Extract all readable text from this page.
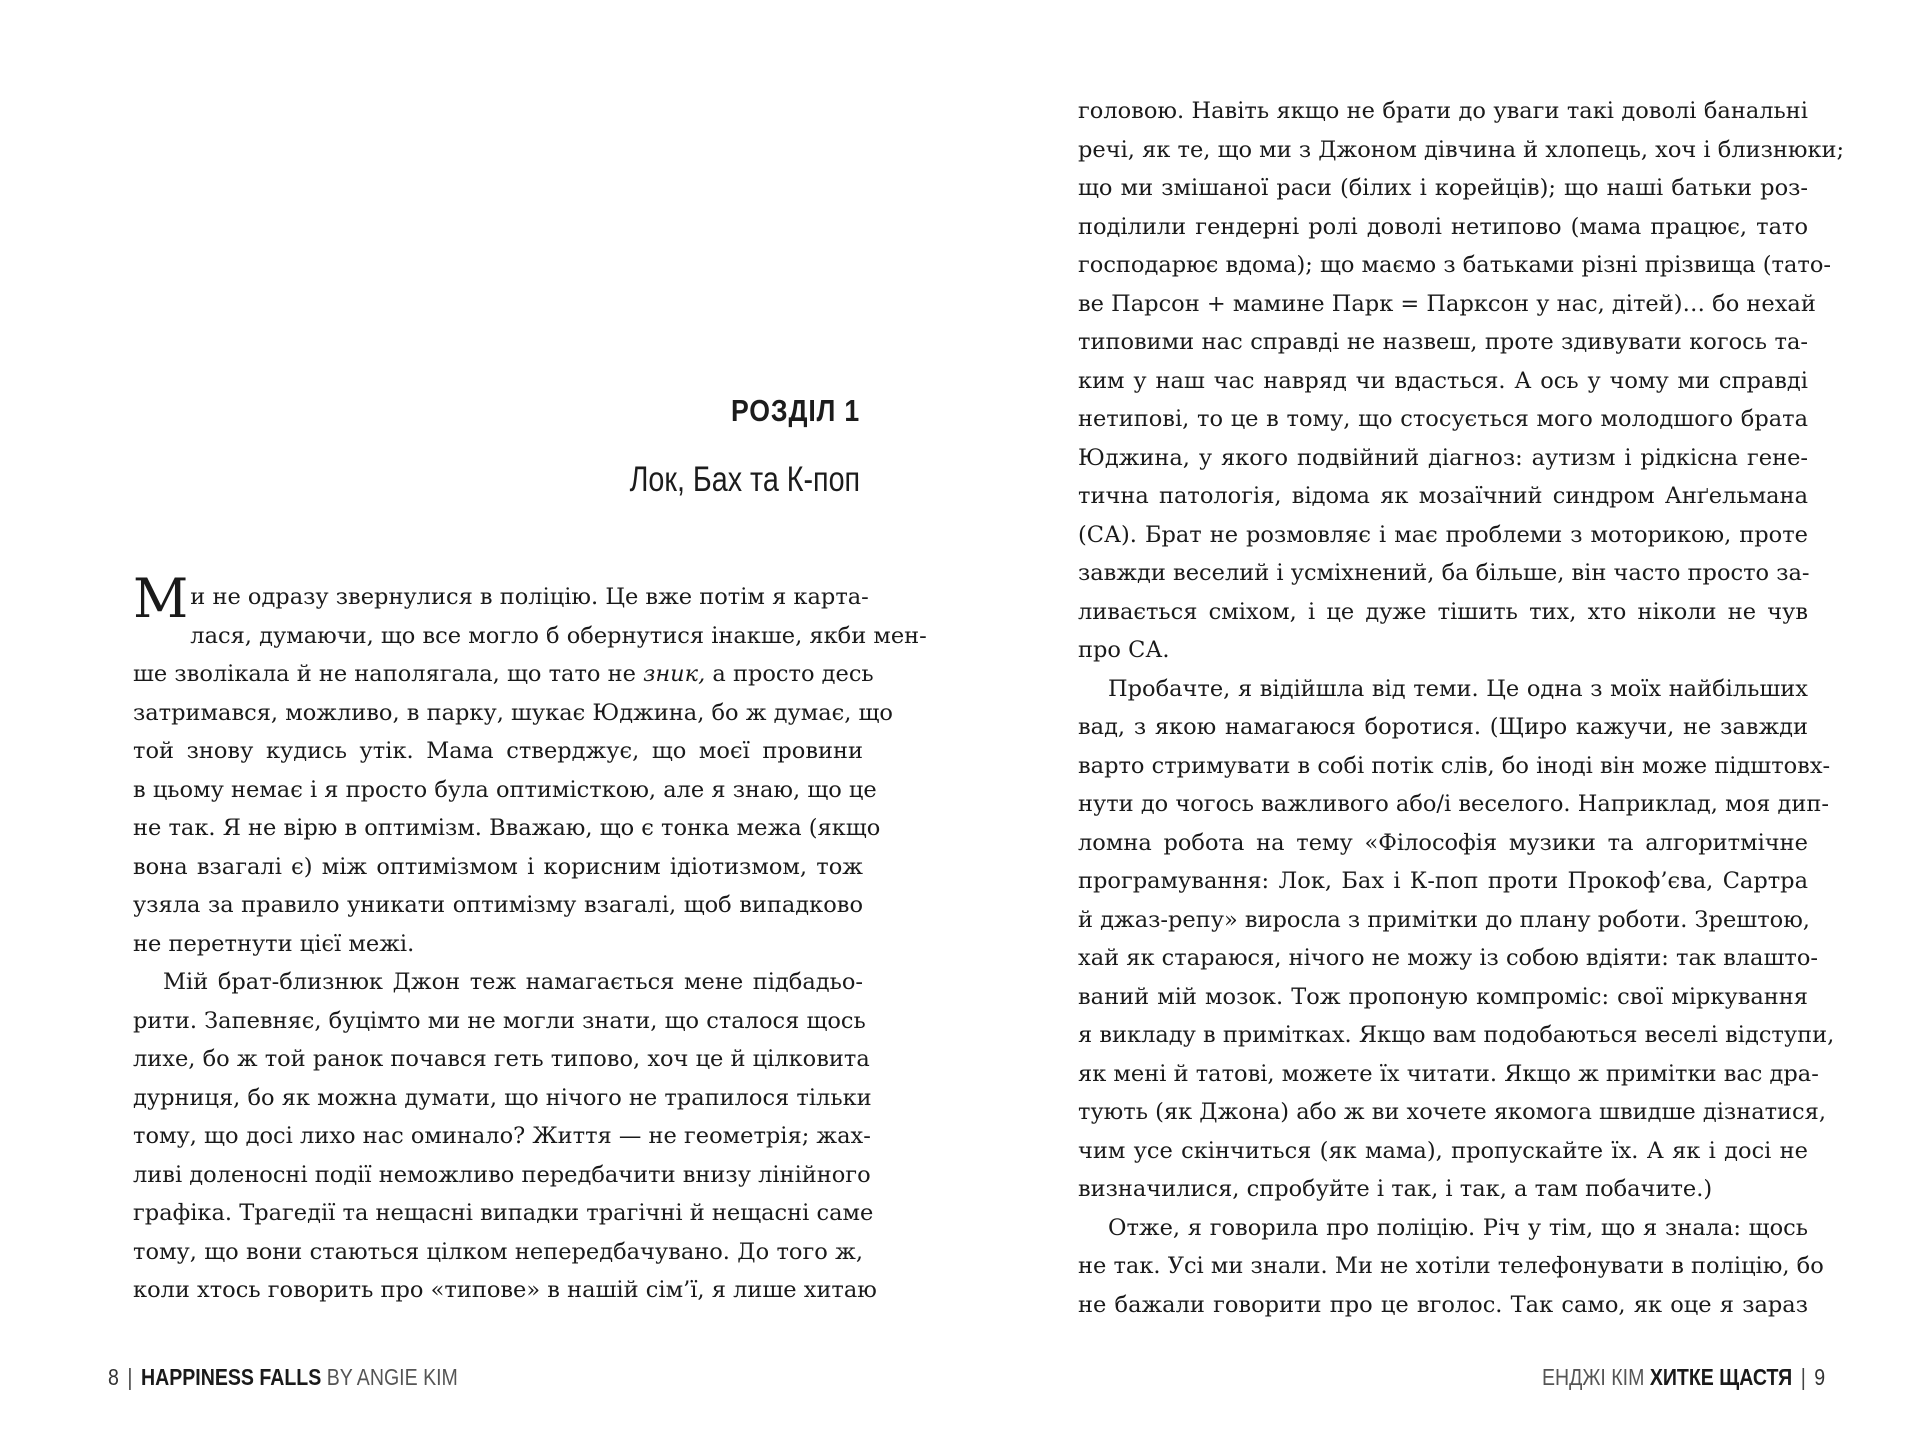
РОЗДІЛ 1
Лок, Бах та К-поп

Ми не одразу звернулися в поліцію. Це вже потім я карта-
лася, думаючи, що все могло б обернутися інакше, якби мен-
ше зволікала й не наполягала, що тато не зник, а просто десь
затримався, можливо, в парку, шукає Юджина, бо ж думає, що
той знову кудись утік. Мама стверджує, що моєї провини
в цьому немає і я просто була оптимісткою, але я знаю, що це
не так. Я не вірю в оптимізм. Вважаю, що є тонка межа (якщо
вона взагалі є) між оптимізмом і корисним ідіотизмом, тож
узяла за правило уникати оптимізму взагалі, щоб випадково
не перетнути цієї межі.

Мій брат-близнюк Джон теж намагається мене підбадьо-
рити. Запевняє, буцімто ми не могли знати, що сталося щось
лихе, бо ж той ранок почався геть типово, хоч це й цілковита
дурниця, бо як можна думати, що нічого не трапилося тільки
тому, що досі лихо нас оминало? Життя — не геометрія; жах-
ливі доленосні події неможливо передбачити внизу лінійного
графіка. Трагедії та нещасні випадки трагічні й нещасні саме
тому, що вони стаються цілком непередбачувано. До того ж,
коли хтось говорить про «типове» в нашій сім’ї, я лише хитаю

8 | HAPPINESS FALLS BY ANGIE KIM

головою. Навіть якщо не брати до уваги такі доволі банальні
речі, як те, що ми з Джоном дівчина й хлопець, хоч і близнюки;
що ми змішаної раси (білих і корейців); що наші батьки роз-
поділили гендерні ролі доволі нетипово (мама працює, тато
господарює вдома); що маємо з батьками різні прізвища (тато-
ве Парсон + мамине Парк = Парксон у нас, дітей)… бо нехай
типовими нас справді не назвеш, проте здивувати когось та-
ким у наш час навряд чи вдасться. А ось у чому ми справді
нетипові, то це в тому, що стосується мого молодшого брата
Юджина, у якого подвійний діагноз: аутизм і рідкісна гене-
тична патологія, відома як мозаїчний синдром Анґельмана
(СА). Брат не розмовляє і має проблеми з моторикою, проте
завжди веселий і усміхнений, ба більше, він часто просто за-
ливається сміхом, і це дуже тішить тих, хто ніколи не чув
про СА.

Пробачте, я відійшла від теми. Це одна з моїх найбільших
вад, з якою намагаюся боротися. (Щиро кажучи, не завжди
варто стримувати в собі потік слів, бо іноді він може підштовх-
нути до чогось важливого або/і веселого. Наприклад, моя дип-
ломна робота на тему «Філософія музики та алгоритмічне
програмування: Лок, Бах і К-поп проти Прокоф’єва, Сартра
й джаз-репу» виросла з примітки до плану роботи. Зрештою,
хай як стараюся, нічого не можу із собою вдіяти: так влашто-
ваний мій мозок. Тож пропоную компроміс: свої міркування
я викладу в примітках. Якщо вам подобаються веселі відступи,
як мені й татові, можете їх читати. Якщо ж примітки вас дра-
тують (як Джона) або ж ви хочете якомога швидше дізнатися,
чим усе скінчиться (як мама), пропускайте їх. А як і досі не
визначилися, спробуйте і так, і так, а там побачите.)

Отже, я говорила про поліцію. Річ у тім, що я знала: щось
не так. Усі ми знали. Ми не хотіли телефонувати в поліцію, бо
не бажали говорити про це вголос. Так само, як оце я зараз

ЕНДЖІ КІМ ХИТКЕ ЩАСТЯ | 9
